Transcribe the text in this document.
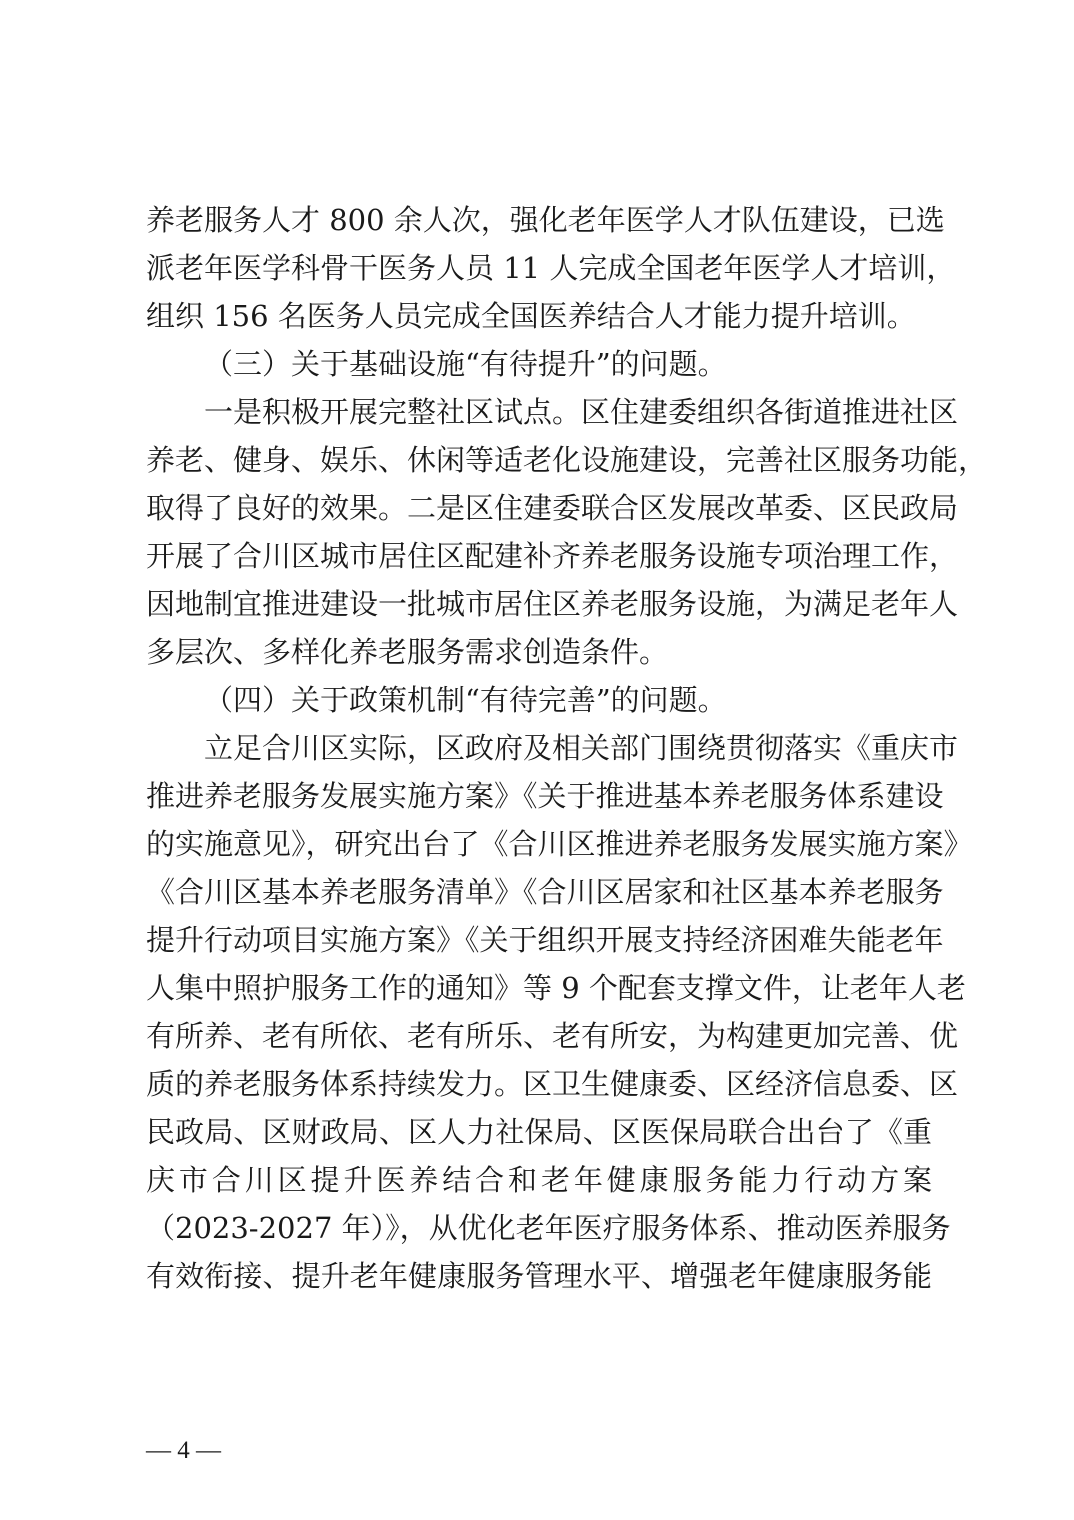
养老服务人才 800 余人次，强化老年医学人才队伍建设，已选
派老年医学科骨干医务人员 11 人完成全国老年医学人才培训，
组织 156 名医务人员完成全国医养结合人才能力提升培训。
（三）关于基础设施“有待提升”的问题。
一是积极开展完整社区试点。区住建委组织各街道推进社区
养老、健身、娱乐、休闲等适老化设施建设，完善社区服务功能，
取得了良好的效果。二是区住建委联合区发展改革委、区民政局
开展了合川区城市居住区配建补齐养老服务设施专项治理工作，
因地制宜推进建设一批城市居住区养老服务设施，为满足老年人
多层次、多样化养老服务需求创造条件。
（四）关于政策机制“有待完善”的问题。
立足合川区实际，区政府及相关部门围绕贯彻落实《重庆市
推进养老服务发展实施方案》《关于推进基本养老服务体系建设
的实施意见》，研究出台了《合川区推进养老服务发展实施方案》
《合川区基本养老服务清单》《合川区居家和社区基本养老服务
提升行动项目实施方案》《关于组织开展支持经济困难失能老年
人集中照护服务工作的通知》等 9 个配套支撑文件，让老年人老
有所养、老有所依、老有所乐、老有所安，为构建更加完善、优
质的养老服务体系持续发力。区卫生健康委、区经济信息委、区
民政局、区财政局、区人力社保局、区医保局联合出台了《重
庆市合川区提升医养结合和老年健康服务能力行动方案
（2023-2027 年）》，从优化老年医疗服务体系、推动医养服务
有效衔接、提升老年健康服务管理水平、增强老年健康服务能
— 4 —
